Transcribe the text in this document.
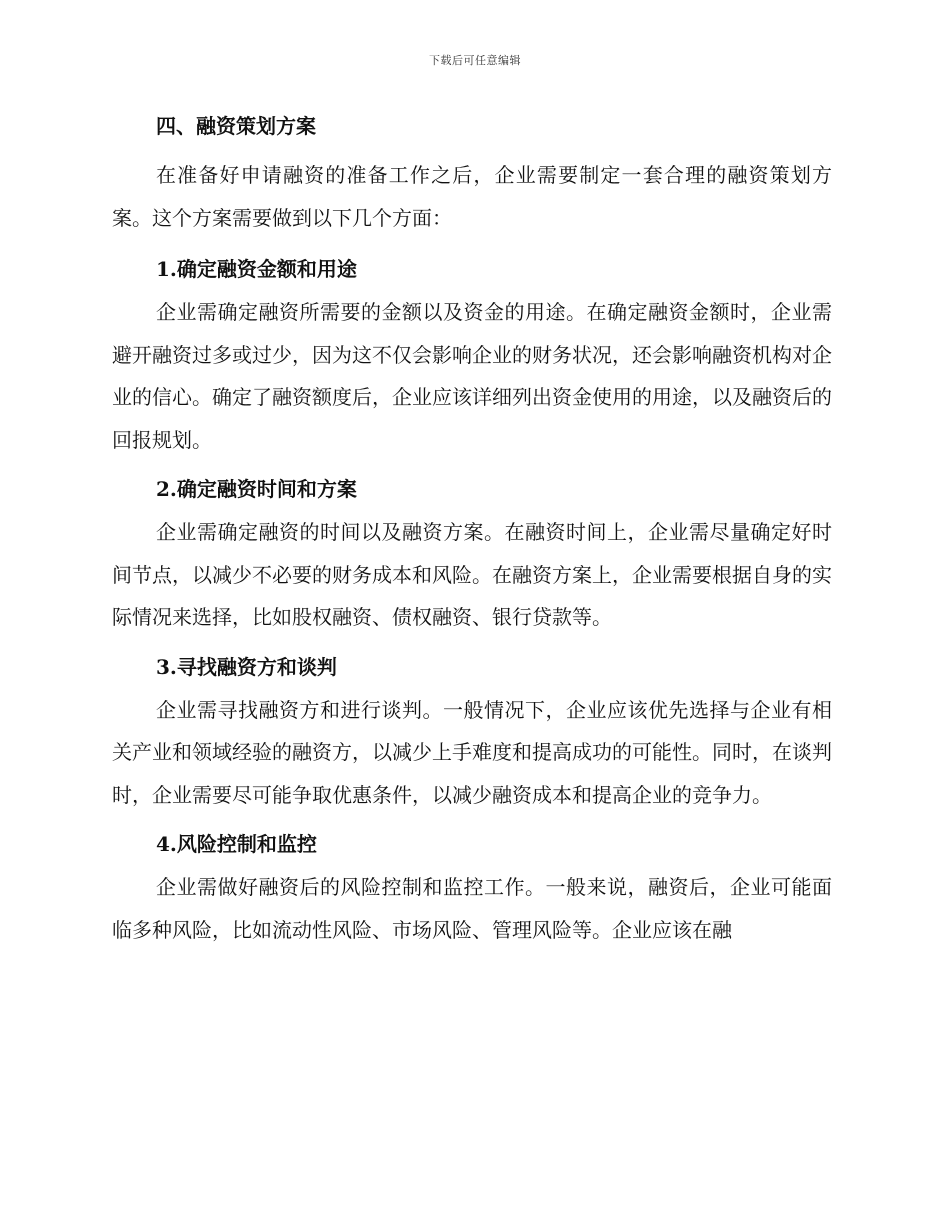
下载后可任意编辑

四、融资策划方案

在准备好申请融资的准备工作之后，企业需要制定一套合理的融资策划方案。这个方案需要做到以下几个方面：

1.确定融资金额和用途

企业需确定融资所需要的金额以及资金的用途。在确定融资金额时，企业需避开融资过多或过少，因为这不仅会影响企业的财务状况，还会影响融资机构对企业的信心。确定了融资额度后，企业应该详细列出资金使用的用途，以及融资后的回报规划。

2.确定融资时间和方案

企业需确定融资的时间以及融资方案。在融资时间上，企业需尽量确定好时间节点，以减少不必要的财务成本和风险。在融资方案上，企业需要根据自身的实际情况来选择，比如股权融资、债权融资、银行贷款等。

3.寻找融资方和谈判

企业需寻找融资方和进行谈判。一般情况下，企业应该优先选择与企业有相关产业和领域经验的融资方，以减少上手难度和提高成功的可能性。同时，在谈判时，企业需要尽可能争取优惠条件，以减少融资成本和提高企业的竞争力。

4.风险控制和监控

企业需做好融资后的风险控制和监控工作。一般来说，融资后，企业可能面临多种风险，比如流动性风险、市场风险、管理风险等。企业应该在融
